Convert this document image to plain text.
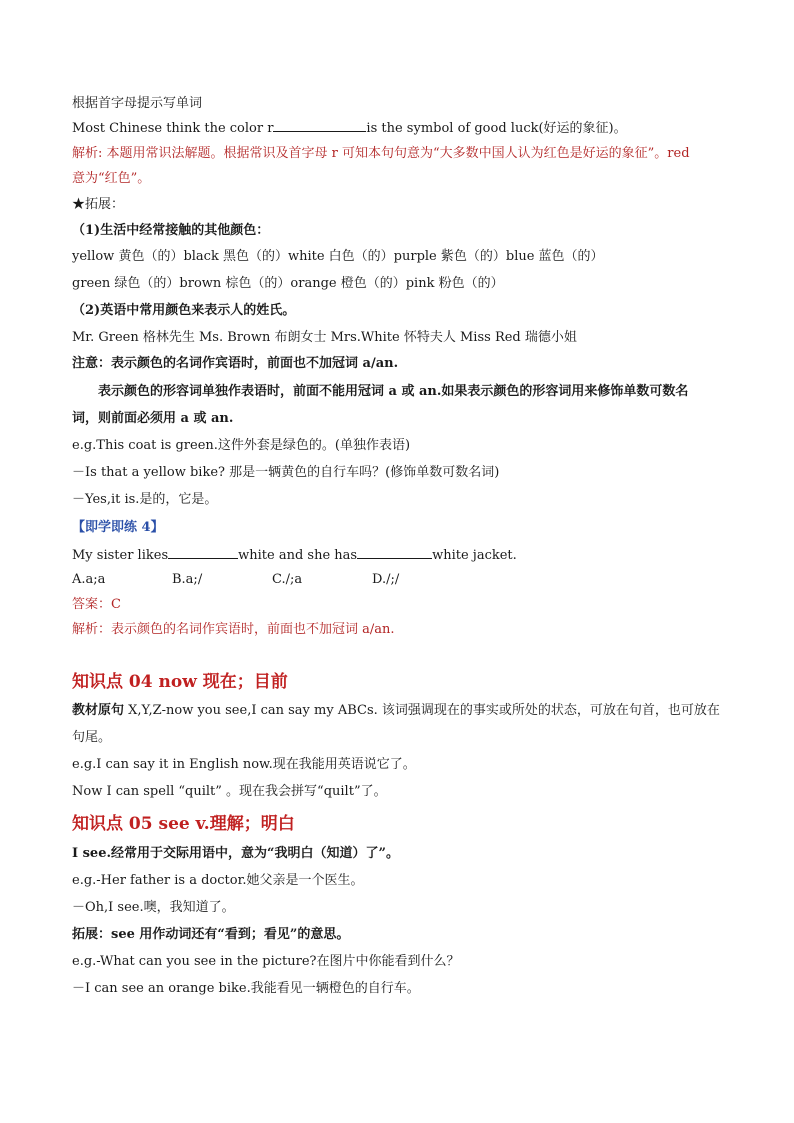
根据首字母提示写单词

Most Chinese think the color r	is the symbol of good luck(好运的象征)。

解析: 本题用常识法解题。根据常识及首字母 r 可知本句句意为“大多数中国人认为红色是好运的象征”。red

意为“红色”。

★拓展：

（1)生活中经常接触的其他颜色：

yellow 黄色（的）black 黑色（的）white 白色（的）purple 紫色（的）blue 蓝色（的）

green 绿色（的）brown 棕色（的）orange 橙色（的）pink 粉色（的）

（2)英语中常用颜色来表示人的姓氏。

Mr. Green 格林先生 Ms. Brown 布朗女士 Mrs.White 怀特夫人 Miss Red 瑞德小姐

注意：表示颜色的名词作宾语时，前面也不加冠词 a/an.

表示颜色的形容词单独作表语时，前面不能用冠词 a 或 an.如果表示颜色的形容词用来修饰单数可数名

词，则前面必须用 a 或 an.

e.g.This coat is green.这件外套是绿色的。(单独作表语)

－Is that a yellow bike? 那是一辆黄色的自行车吗？(修饰单数可数名词)

－Yes,it is.是的，它是。

【即学即练 4】

My sister likes	white and she has	white jacket.

A.a;a	B.a;/	C./;a	D./;/

答案：C

解析：表示颜色的名词作宾语时，前面也不加冠词 a/an.

知识点 04 now 现在；目前

教材原句 X,Y,Z-now you see,I can say my ABCs. 该词强调现在的事实或所处的状态，可放在句首，也可放在

句尾。

e.g.I can say it in English now.现在我能用英语说它了。

Now I can spell “quilt” 。现在我会拼写“quilt”了。

知识点 05 see v.理解；明白

I see.经常用于交际用语中，意为“我明白（知道）了”。

e.g.-Her father is a doctor.她父亲是一个医生。

－Oh,I see.噢，我知道了。

拓展：see 用作动词还有“看到；看见”的意思。

e.g.-What can you see in the picture?在图片中你能看到什么？

－I can see an orange bike.我能看见一辆橙色的自行车。
